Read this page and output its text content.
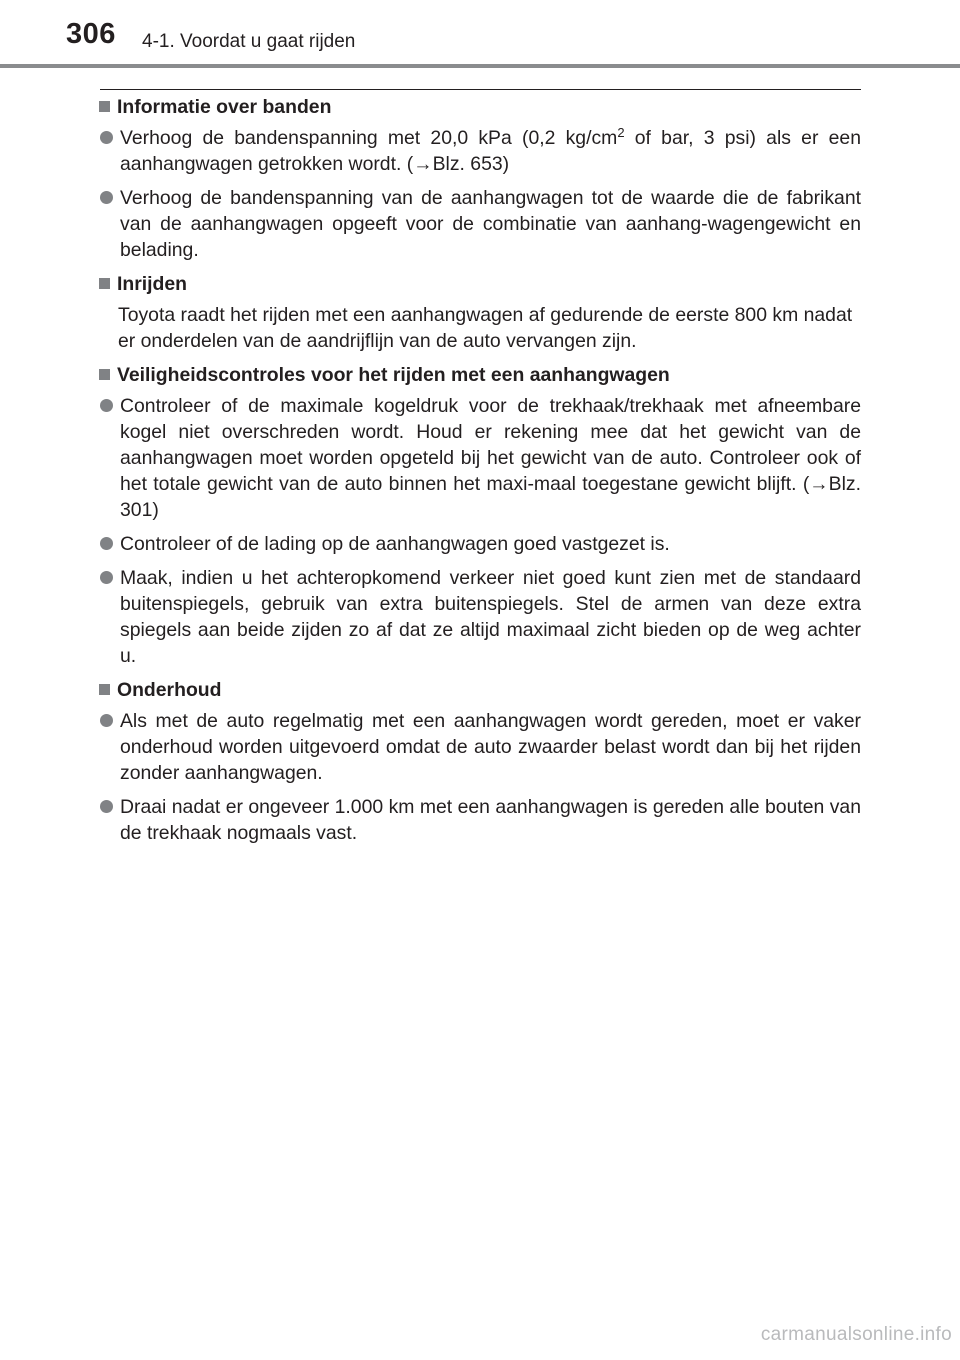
306 4-1. Voordat u gaat rijden
Informatie over banden
Verhoog de bandenspanning met 20,0 kPa (0,2 $kg/cm^2$ of bar, 3 psi) als er een aanhangwagen getrokken wordt. (→Blz. 653)
Verhoog de bandenspanning van de aanhangwagen tot de waarde die de fabrikant van de aanhangwagen opgeeft voor de combinatie van aanhang-wagengewicht en belading.
Inrijden
Toyota raadt het rijden met een aanhangwagen af gedurende de eerste 800 km nadat er onderdelen van de aandrijflijn van de auto vervangen zijn.
Veiligheidscontroles voor het rijden met een aanhangwagen
Controleer of de maximale kogeldruk voor de trekhaak/trekhaak met afneembare kogel niet overschreden wordt. Houd er rekening mee dat het gewicht van de aanhangwagen moet worden opgeteld bij het gewicht van de auto. Controleer ook of het totale gewicht van de auto binnen het maxi-maal toegestane gewicht blijft. (→Blz. 301)
Controleer of de lading op de aanhangwagen goed vastgezet is.
Maak, indien u het achteropkomend verkeer niet goed kunt zien met de standaard buitenspiegels, gebruik van extra buitenspiegels. Stel de armen van deze extra spiegels aan beide zijden zo af dat ze altijd maximaal zicht bieden op de weg achter u.
Onderhoud
Als met de auto regelmatig met een aanhangwagen wordt gereden, moet er vaker onderhoud worden uitgevoerd omdat de auto zwaarder belast wordt dan bij het rijden zonder aanhangwagen.
Draai nadat er ongeveer 1.000 km met een aanhangwagen is gereden alle bouten van de trekhaak nogmaals vast.
carmanualsonline.info
